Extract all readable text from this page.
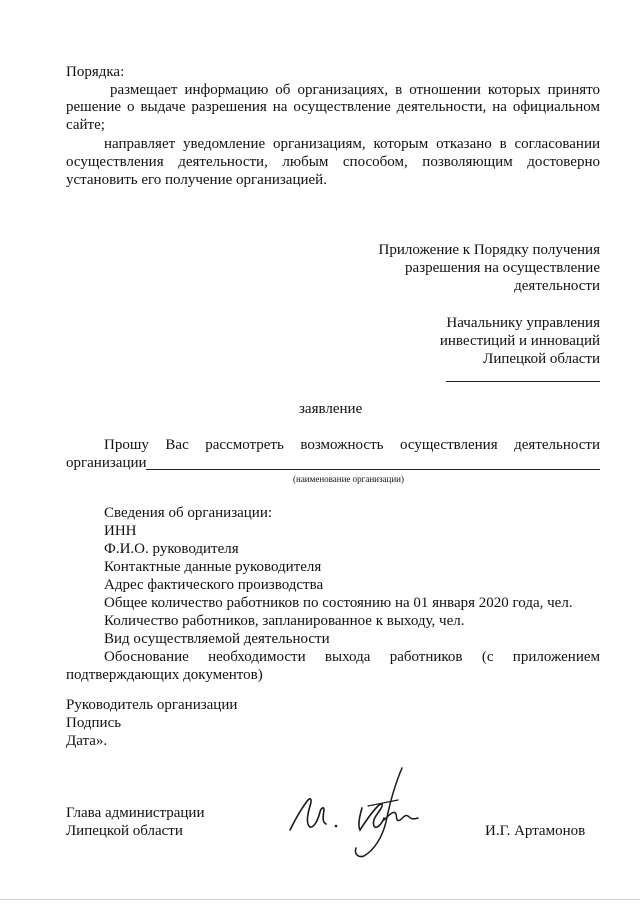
Порядка:
размещает информацию об организациях, в отношении которых принято
решение о выдаче разрешения на осуществление деятельности, на официальном
сайте;
направляет уведомление организациям, которым отказано в согласовании
осуществления деятельности, любым способом, позволяющим достоверно
установить его получение организацией.
Приложение к Порядку получения
разрешения на осуществление
деятельности
Начальнику управления
инвестиций и инноваций
Липецкой области
заявление
Прошу Вас рассмотреть возможность осуществления деятельности
организации
(наименование организации)
Сведения об организации:
ИНН
Ф.И.О. руководителя
Контактные данные руководителя
Адрес фактического производства
Общее количество работников по состоянию на 01 января 2020 года, чел.
Количество работников, запланированное к выходу, чел.
Вид осуществляемой деятельности
Обоснование необходимости выхода работников (с приложением
подтверждающих документов)
Руководитель организации
Подпись
Дата».
Глава администрации
Липецкой области	И.Г. Артамонов
